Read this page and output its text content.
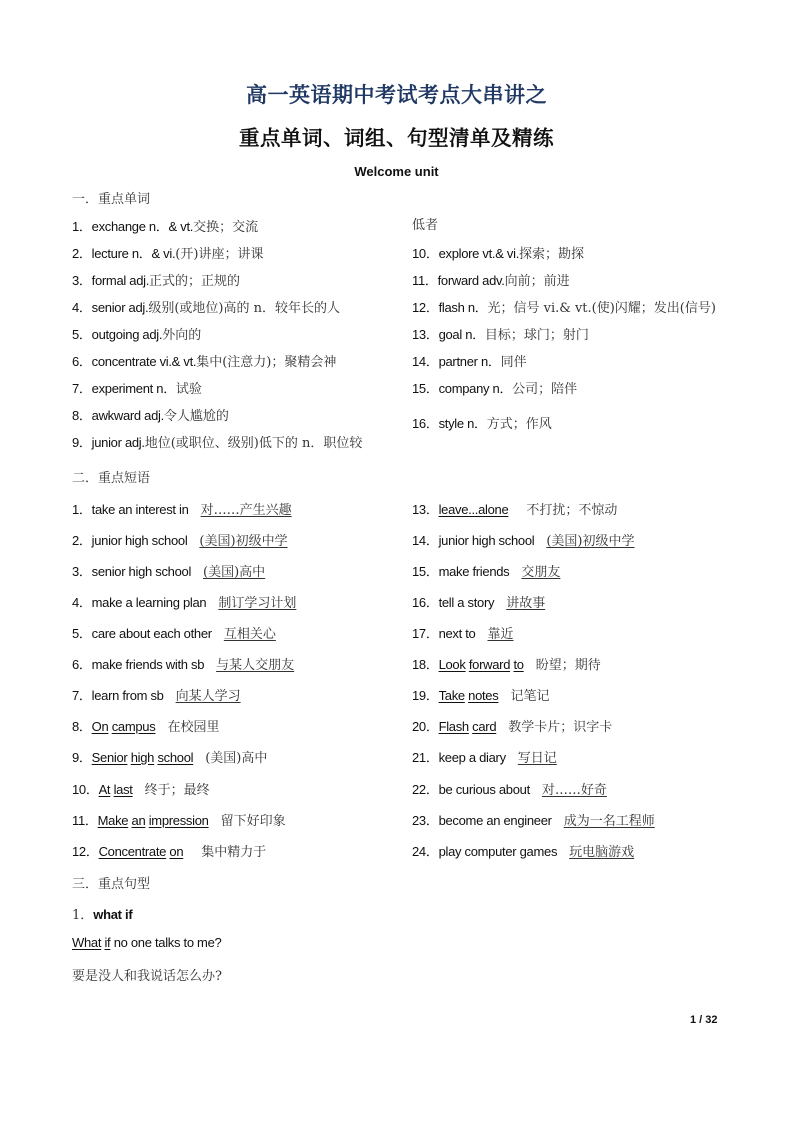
高一英语期中考试考点大串讲之
重点单词、词组、句型清单及精练
Welcome unit
一．重点单词
1．exchange n．& vt.交换；交流
2．lecture n．& vi.(开)讲座；讲课
3．formal adj.正式的；正规的
4．senior adj.级别(或地位)高的 n．较年长的人
5．outgoing adj.外向的
6．concentrate vi.& vt.集中(注意力)；聚精会神
7．experiment n．试验
8．awkward adj.令人尴尬的
9．junior adj.地位(或职位、级别)低下的 n．职位较
低者
10．explore vt.& vi.探索；勘探
11．forward adv.向前；前进
12．flash n．光；信号 vi.& vt.(使)闪耀；发出(信号)
13．goal n．目标；球门；射门
14．partner n．同伴
15．company n．公司；陪伴
16．style n．方式；作风
二．重点短语
1．take an interest in 对……产生兴趣
2．junior high school (美国)初级中学
3．senior high school (美国)高中
4．make a learning plan 制订学习计划
5．care about each other 互相关心
6．make friends with sb 与某人交朋友
7．learn from sb 向某人学习
8．On campus 在校园里
9．Senior high school (美国)高中
10．At last 终于；最终
11．Make an impression 留下好印象
12．Concentrate on 集中精力于
13．leave...alone 不打扰；不惊动
14．junior high school (美国)初级中学
15．make friends 交朋友
16．tell a story 讲故事
17．next to 靠近
18．Look forward to 盼望；期待
19．Take notes 记笔记
20．Flash card 教学卡片；识字卡
21．keep a diary 写日记
22．be curious about 对……好奇
23．become an engineer 成为一名工程师
24．play computer games 玩电脑游戏
三．重点句型
1．what if
What if no one talks to me?
要是没人和我说话怎么办?
1 / 32
